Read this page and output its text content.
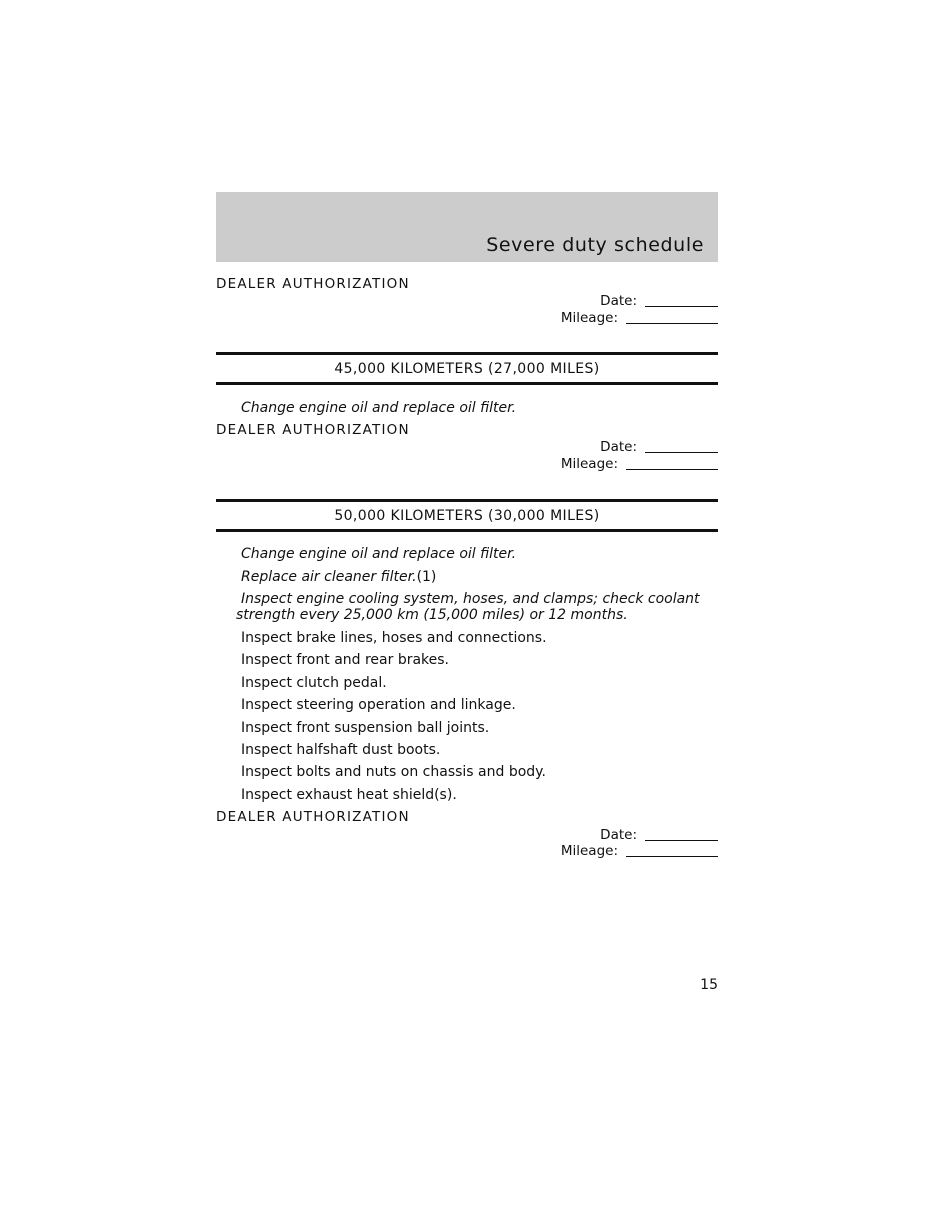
Severe duty schedule
DEALER AUTHORIZATION
Date:
Mileage:
45,000 KILOMETERS (27,000 MILES)
Change engine oil and replace oil filter.
DEALER AUTHORIZATION
Date:
Mileage:
50,000 KILOMETERS (30,000 MILES)
Change engine oil and replace oil filter.
Replace air cleaner filter.(1)
Inspect engine cooling system, hoses, and clamps; check coolant strength every 25,000 km (15,000 miles) or 12 months.
Inspect brake lines, hoses and connections.
Inspect front and rear brakes.
Inspect clutch pedal.
Inspect steering operation and linkage.
Inspect front suspension ball joints.
Inspect halfshaft dust boots.
Inspect bolts and nuts on chassis and body.
Inspect exhaust heat shield(s).
DEALER AUTHORIZATION
Date:
Mileage:
15
